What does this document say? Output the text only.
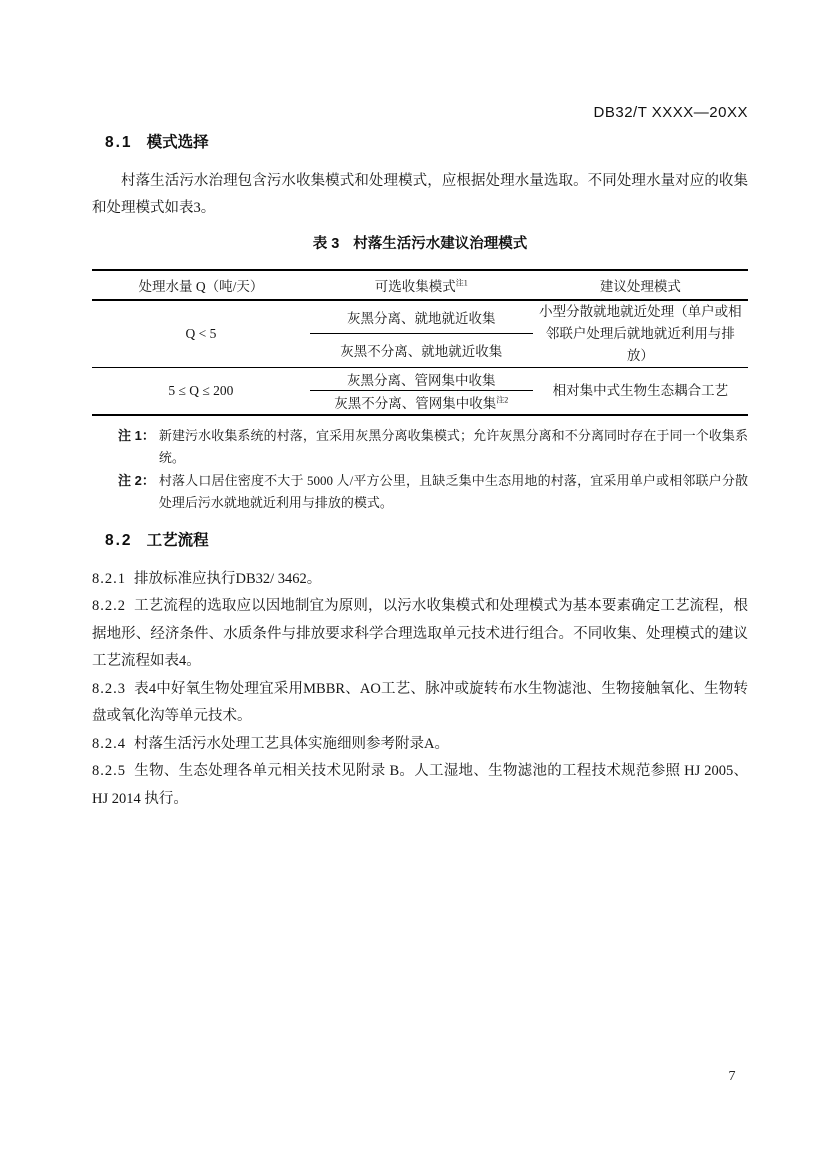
DB32/T XXXX—20XX
8.1 模式选择

村落生活污水治理包含污水收集模式和处理模式，应根据处理水量选取。不同处理水量对应的收集和处理模式如表3。

表 3 村落生活污水建议治理模式
处理水量 Q（吨/天）	可选收集模式$^{注1}$	建议处理模式
Q < 5	灰黑分离、就地就近收集	小型分散就地就近处理（单户或相邻联户处理后就地就近利用与排放）
	灰黑不分离、就地就近收集	
5 ≤ Q ≤ 200	灰黑分离、管网集中收集	相对集中式生物生态耦合工艺
	灰黑不分离、管网集中收集$^{注2}$
注 1： 新建污水收集系统的村落，宜采用灰黑分离收集模式；允许灰黑分离和不分离同时存在于同一个收集系统。
注 2： 村落人口居住密度不大于 5000 人/平方公里，且缺乏集中生态用地的村落，宜采用单户或相邻联户分散处理后污水就地就近利用与排放的模式。
8.2 工艺流程

8.2.1 排放标准应执行DB32/ 3462。

8.2.2 工艺流程的选取应以因地制宜为原则，以污水收集模式和处理模式为基本要素确定工艺流程，根据地形、经济条件、水质条件与排放要求科学合理选取单元技术进行组合。不同收集、处理模式的建议工艺流程如表4。

8.2.3 表4中好氧生物处理宜采用MBBR、AO工艺、脉冲或旋转布水生物滤池、生物接触氧化、生物转盘或氧化沟等单元技术。

8.2.4 村落生活污水处理工艺具体实施细则参考附录A。

8.2.5 生物、生态处理各单元相关技术见附录 B。人工湿地、生物滤池的工程技术规范参照 HJ 2005、HJ 2014 执行。

7
